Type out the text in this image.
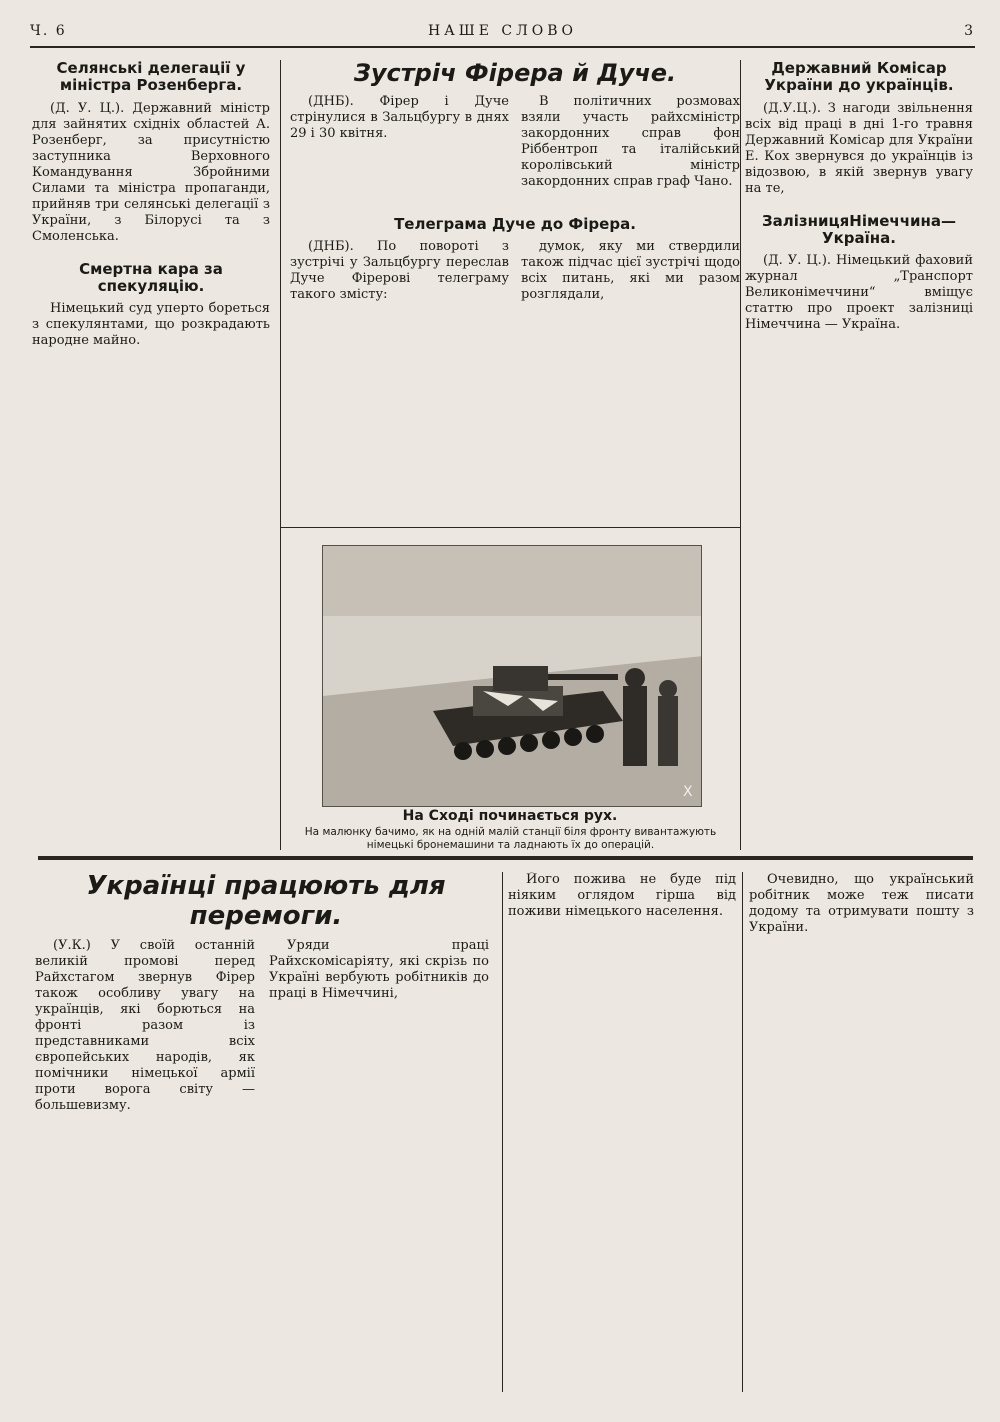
Ч. 6	НАШЕ СЛОВО	3
Селянські делегації у міністра Розенберга.

(Д. У. Ц.). Державний міністр для зайнятих східніх областей А. Розенберг, за присутністю заступника Верховного Командування Збройними Силами та міністра пропаганди, прийняв три селянські делегації з України, з Білорусі та з Смоленська.

Смертна кара за спекуляцію.

Німецький суд уперто бореться з спекулянтами, що розкрадають народне майно.

Зустріч Фірера й Дуче.

(ДНБ). Фірер і Дуче стрінулися в Зальцбургу в днях 29 і 30 квітня.

В політичних розмовах взяли участь райхсміністр закордонних справ фон Ріббентроп та італійський королівський міністр закордонних справ граф Чано.

Телеграма Дуче до Фірера.

(ДНБ). По повороті з зустрічі у Зальцбургу переслав Дуче Фірерові телеграму такого змісту:

думок, яку ми ствердили також підчас цієї зустрічі щодо всіх питань, які ми разом розглядали,

X
На Сході починається рух.
На малюнку бачимо, як на одній малій станції біля фронту вивантажують німецькі бронемашини та ладнають їх до операцій.
Державний Комісар України до українців.

(Д.У.Ц.). З нагоди звільнення всіх від праці в дні 1-го травня Державний Комісар для України Е. Кох звернувся до українців із відозвою, в якій звернув увагу на те,

ЗалізницяНімеччина—Україна.

(Д. У. Ц.). Німецький фаховий журнал „Транспорт Великонімеччини“ вміщує статтю про проект залізниці Німеччина — Україна.

Українці працюють для перемоги.

(У.К.) У своїй останній великій промові перед Райхстагом звернув Фірер також особливу увагу на українців, які борються на фронті разом із представниками всіх європейських народів, як помічники німецької армії проти ворога світу — большевизму.

Уряди праці Райхскомісаріяту, які скрізь по Україні вербують робітників до праці в Німеччині,

Його пожива не буде під ніяким оглядом гірша від поживи німецького населення.

Очевидно, що український робітник може теж писати додому та отримувати пошту з України.
